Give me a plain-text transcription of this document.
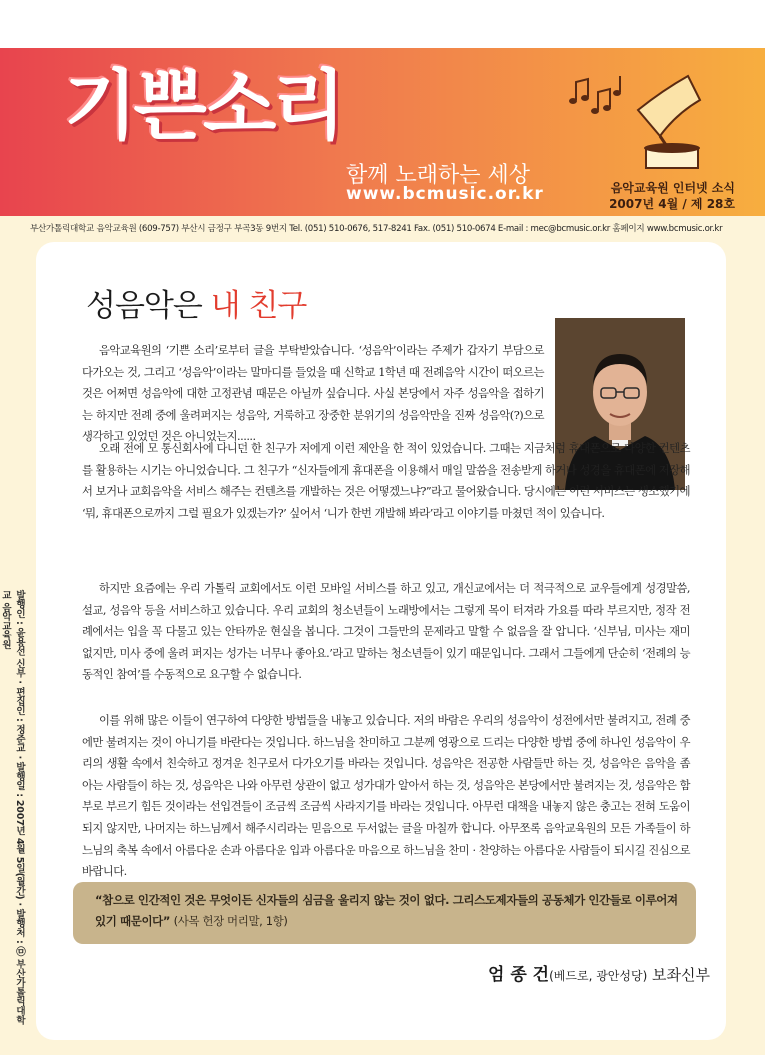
기쁜소리
함께 노래하는 세상
www.bcmusic.or.kr	음악교육원 인터넷 소식
2007년 4월 / 제 28호
부산가톨릭대학교 음악교육원 (609-757) 부산시 금정구 부곡3동 9번지 Tel. (051) 510-0676, 517-8241 Fax. (051) 510-0674 E-mail : mec@bcmusic.or.kr 홈페이지 www.bcmusic.or.kr
성음악은 내 친구

음악교육원의 ‘기쁜 소리’로부터 글을 부탁받았습니다. ‘성음악’이라는 주제가 갑자기 부담으로 다가오는 것, 그리고 ‘성음악’이라는 말마디를 들었을 때 신학교 1학년 때 전례음악 시간이 떠오르는 것은 어쩌면 성음악에 대한 고정관념 때문은 아닐까 싶습니다. 사실 본당에서 자주 성음악을 접하기는 하지만 전례 중에 울려퍼지는 성음악, 거룩하고 장중한 분위기의 성음악만을 진짜 성음악(?)으로 생각하고 있었던 것은 아니었는지......

오래 전에 모 통신회사에 다니던 한 친구가 저에게 이런 제안을 한 적이 있었습니다. 그때는 지금처럼 휴대폰으로 다양한 컨텐츠를 활용하는 시기는 아니었습니다. 그 친구가 “신자들에게 휴대폰을 이용해서 매일 말씀을 전송받게 하거나 성경을 휴대폰에 저장해서 보거나 교회음악을 서비스 해주는 컨텐츠를 개발하는 것은 어떻겠느냐?”라고 물어왔습니다. 당시에는 이런 서비스는 생소했기에 ‘뭐, 휴대폰으로까지 그럴 필요가 있겠는가?’ 싶어서 ‘니가 한번 개발해 봐라’라고 이야기를 마쳤던 적이 있습니다.

하지만 요즘에는 우리 가톨릭 교회에서도 이런 모바일 서비스를 하고 있고, 개신교에서는 더 적극적으로 교우들에게 성경말씀, 설교, 성음악 등을 서비스하고 있습니다. 우리 교회의 청소년들이 노래방에서는 그렇게 목이 터져라 가요를 따라 부르지만, 정작 전례에서는 입을 꼭 다물고 있는 안타까운 현실을 봅니다. 그것이 그들만의 문제라고 말할 수 없음을 잘 압니다. ‘신부님, 미사는 재미없지만, 미사 중에 울려 퍼지는 성가는 너무나 좋아요.’라고 말하는 청소년들이 있기 때문입니다. 그래서 그들에게 단순히 ‘전례의 능동적인 참여’를 수동적으로 요구할 수 없습니다.

이를 위해 많은 이들이 연구하여 다양한 방법들을 내놓고 있습니다. 저의 바람은 우리의 성음악이 성전에서만 불려지고, 전례 중에만 불려지는 것이 아니기를 바란다는 것입니다. 하느님을 찬미하고 그분께 영광으로 드리는 다양한 방법 중에 하나인 성음악이 우리의 생활 속에서 친숙하고 정겨운 친구로서 다가오기를 바라는 것입니다. 성음악은 전공한 사람들만 하는 것, 성음악은 음악을 좀 아는 사람들이 하는 것, 성음악은 나와 아무런 상관이 없고 성가대가 알아서 하는 것, 성음악은 본당에서만 불려지는 것, 성음악은 함부로 부르기 힘든 것이라는 선입견들이 조금씩 조금씩 사라지기를 바라는 것입니다. 아무런 대책을 내놓지 않은 충고는 전혀 도움이 되지 않지만, 나머지는 하느님께서 해주시리라는 믿음으로 두서없는 글을 마칠까 합니다. 아무쪼록 음악교육원의 모든 가족들이 하느님의 축복 속에서 아름다운 손과 아름다운 입과 아름다운 마음으로 하느님을 찬미 · 찬양하는 아름다운 사람들이 되시길 진심으로 바랍니다.

“참으로 인간적인 것은 무엇이든 신자들의 심금을 울리지 않는 것이 없다. 그리스도제자들의 공동체가 인간들로 이루어져 있기 때문이다” (사목 헌장 머리말, 1항)

엄 종 건(베드로, 광안성당) 보좌신부
발행인 : 윤용선 신부 · 편집인 : 정준교 · 발행일 : 2007년 4월 5일(월간) · 발행처 : ㉤ 부산가톨릭대학교 음악교육원
